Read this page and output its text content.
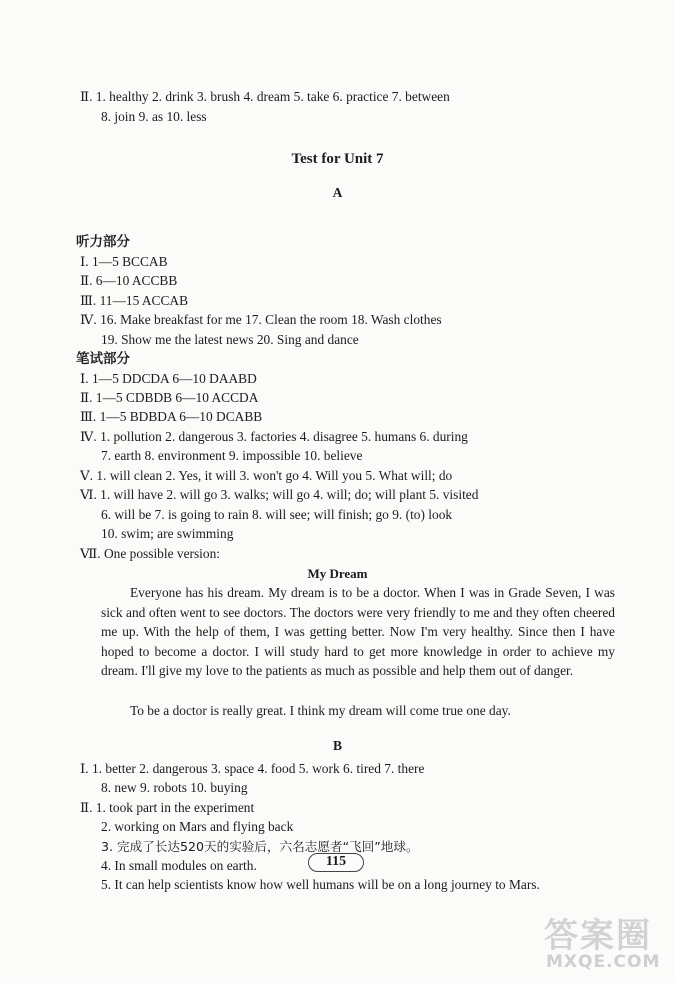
Ⅱ. 1. healthy 2. drink 3. brush 4. dream 5. take 6. practice 7. between
8. join 9. as 10. less
Test for Unit 7
A
听力部分
Ⅰ. 1—5 BCCAB
Ⅱ. 6—10 ACCBB
Ⅲ. 11—15 ACCAB
Ⅳ. 16. Make breakfast for me 17. Clean the room 18. Wash clothes
19. Show me the latest news 20. Sing and dance
笔试部分
Ⅰ. 1—5 DDCDA 6—10 DAABD
Ⅱ. 1—5 CDBDB 6—10 ACCDA
Ⅲ. 1—5 BDBDA 6—10 DCABB
Ⅳ. 1. pollution 2. dangerous 3. factories 4. disagree 5. humans 6. during
7. earth 8. environment 9. impossible 10. believe
Ⅴ. 1. will clean 2. Yes, it will 3. won't go 4. Will you 5. What will; do
Ⅵ. 1. will have 2. will go 3. walks; will go 4. will; do; will plant 5. visited
6. will be 7. is going to rain 8. will see; will finish; go 9. (to) look
10. swim; are swimming
Ⅶ. One possible version:
My Dream
Everyone has his dream. My dream is to be a doctor. When I was in Grade Seven, I was sick and often went to see doctors. The doctors were very friendly to me and they often cheered me up. With the help of them, I was getting better. Now I'm very healthy. Since then I have hoped to become a doctor. I will study hard to get more knowledge in order to achieve my dream. I'll give my love to the patients as much as possible and help them out of danger.
To be a doctor is really great. I think my dream will come true one day.
B
Ⅰ. 1. better 2. dangerous 3. space 4. food 5. work 6. tired 7. there
8. new 9. robots 10. buying
Ⅱ. 1. took part in the experiment
2. working on Mars and flying back
3. 完成了长达520天的实验后，六名志愿者“飞回”地球。
4. In small modules on earth.
5. It can help scientists know how well humans will be on a long journey to Mars.
115
答案圈
MXQE.COM
